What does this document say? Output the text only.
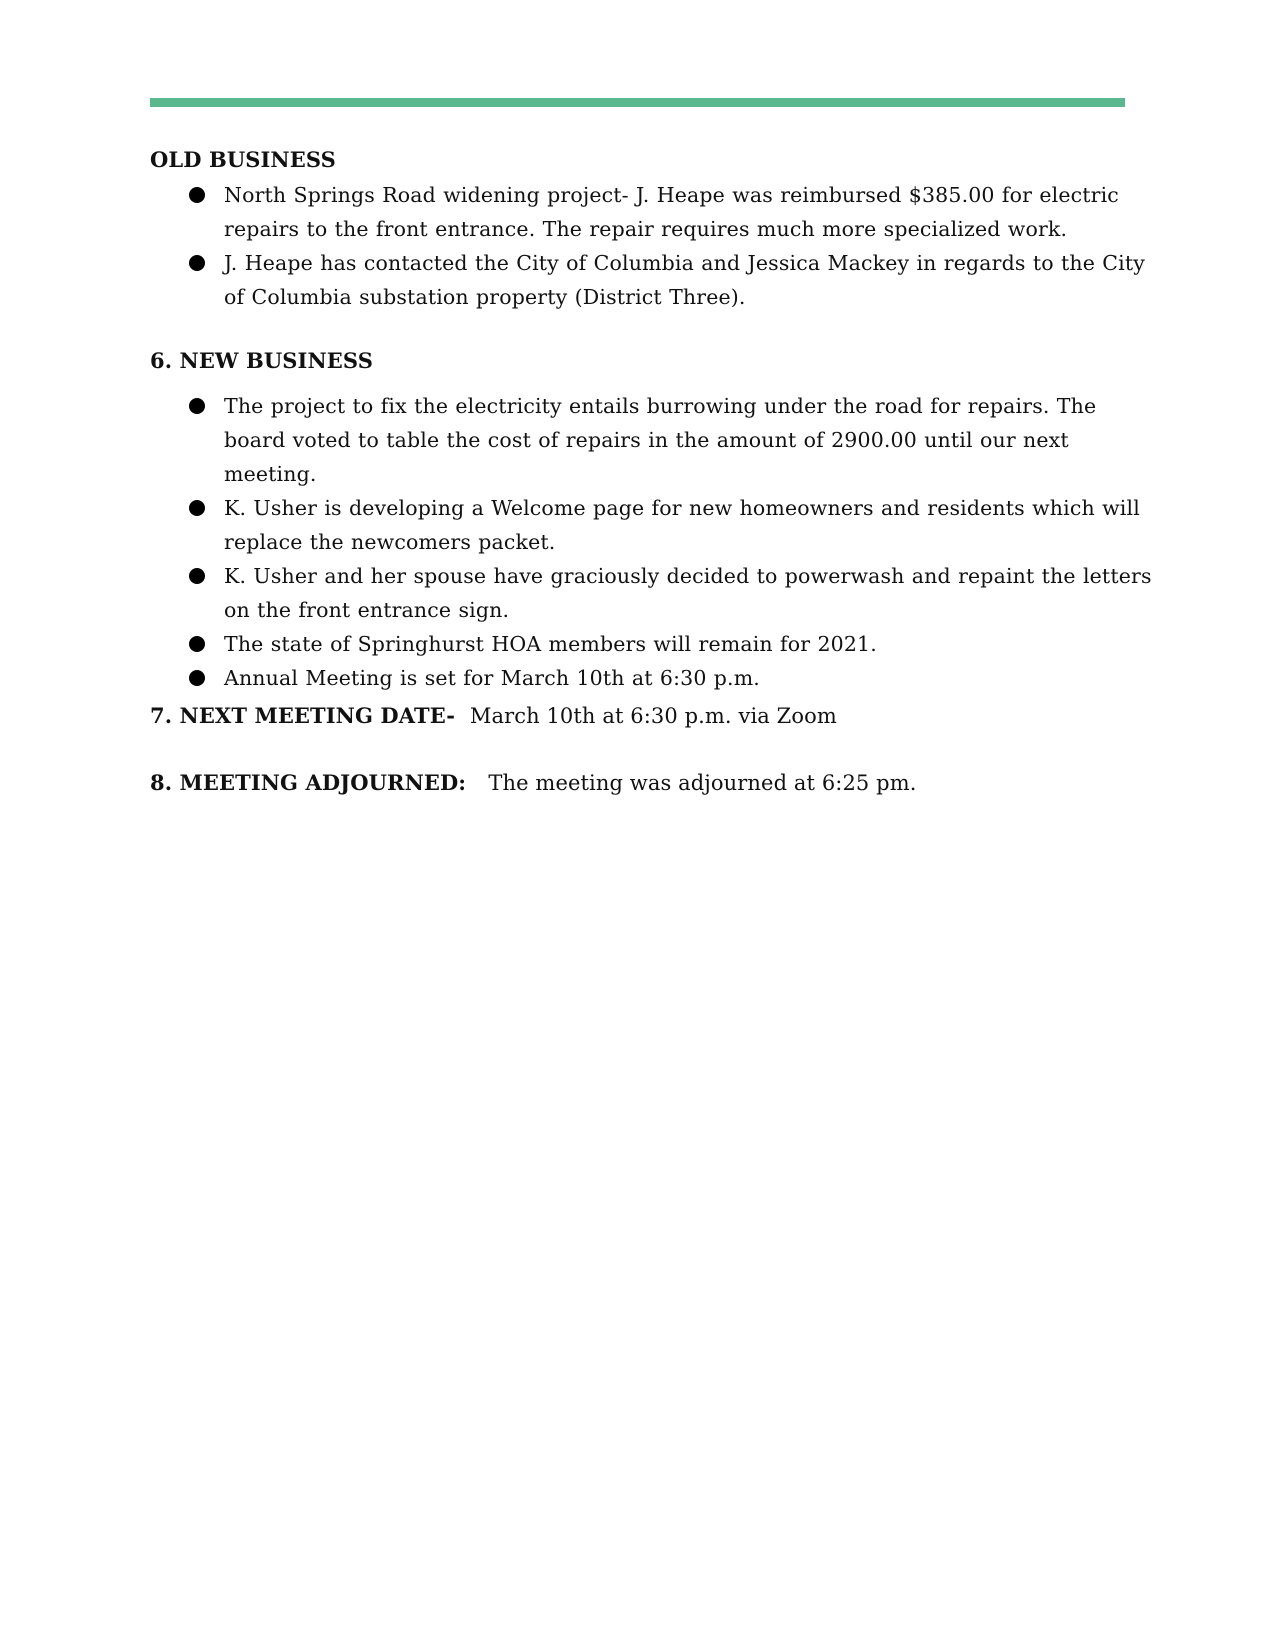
OLD BUSINESS
North Springs Road widening project- J. Heape was reimbursed $385.00 for electric repairs to the front entrance. The repair requires much more specialized work.
J. Heape has contacted the City of Columbia and Jessica Mackey in regards to the City of Columbia substation property (District Three).
6. NEW BUSINESS
The project to fix the electricity entails burrowing under the road for repairs. The board voted to table the cost of repairs in the amount of 2900.00 until our next meeting.
K. Usher is developing a Welcome page for new homeowners and residents which will replace the newcomers packet.
K. Usher and her spouse have graciously decided to powerwash and repaint the letters on the front entrance sign.
The state of Springhurst HOA members will remain for 2021.
Annual Meeting is set for March 10th at 6:30 p.m.
7. NEXT MEETING DATE- March 10th at 6:30 p.m. via Zoom
8. MEETING ADJOURNED: The meeting was adjourned at 6:25 pm.
